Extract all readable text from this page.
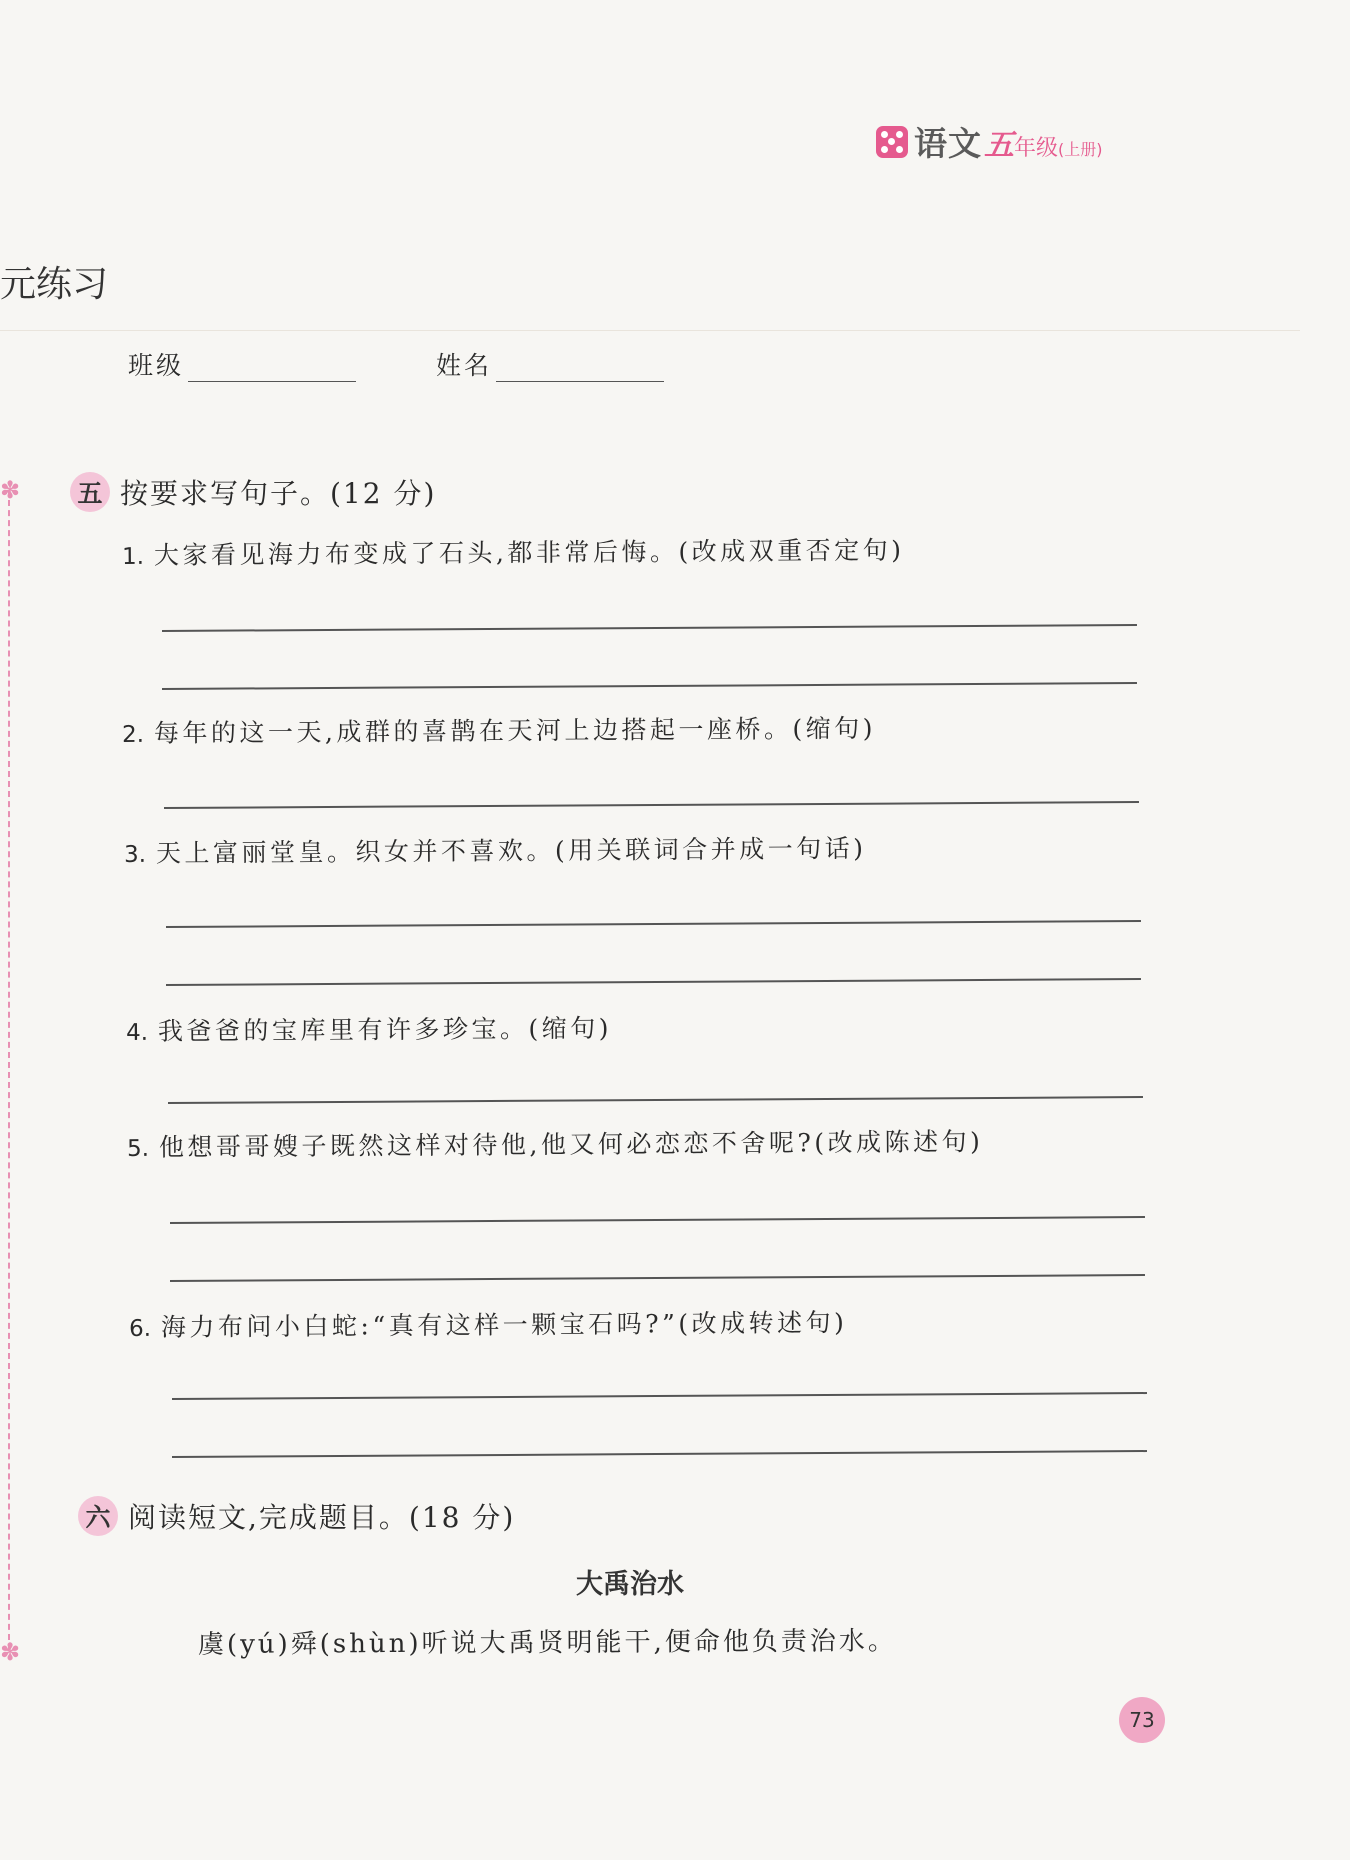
语文 五 年级 (上册)
元练习
班级	姓名
✽
✽
五 按要求写句子。(12 分)
1. 大家看见海力布变成了石头,都非常后悔。(改成双重否定句)
2. 每年的这一天,成群的喜鹊在天河上边搭起一座桥。(缩句)
3. 天上富丽堂皇。织女并不喜欢。(用关联词合并成一句话)
4. 我爸爸的宝库里有许多珍宝。(缩句)
5. 他想哥哥嫂子既然这样对待他,他又何必恋恋不舍呢?(改成陈述句)
6. 海力布问小白蛇:“真有这样一颗宝石吗?”(改成转述句)
六 阅读短文,完成题目。(18 分)
大禹治水
虞(yú)舜(shùn)听说大禹贤明能干,便命他负责治水。
73
